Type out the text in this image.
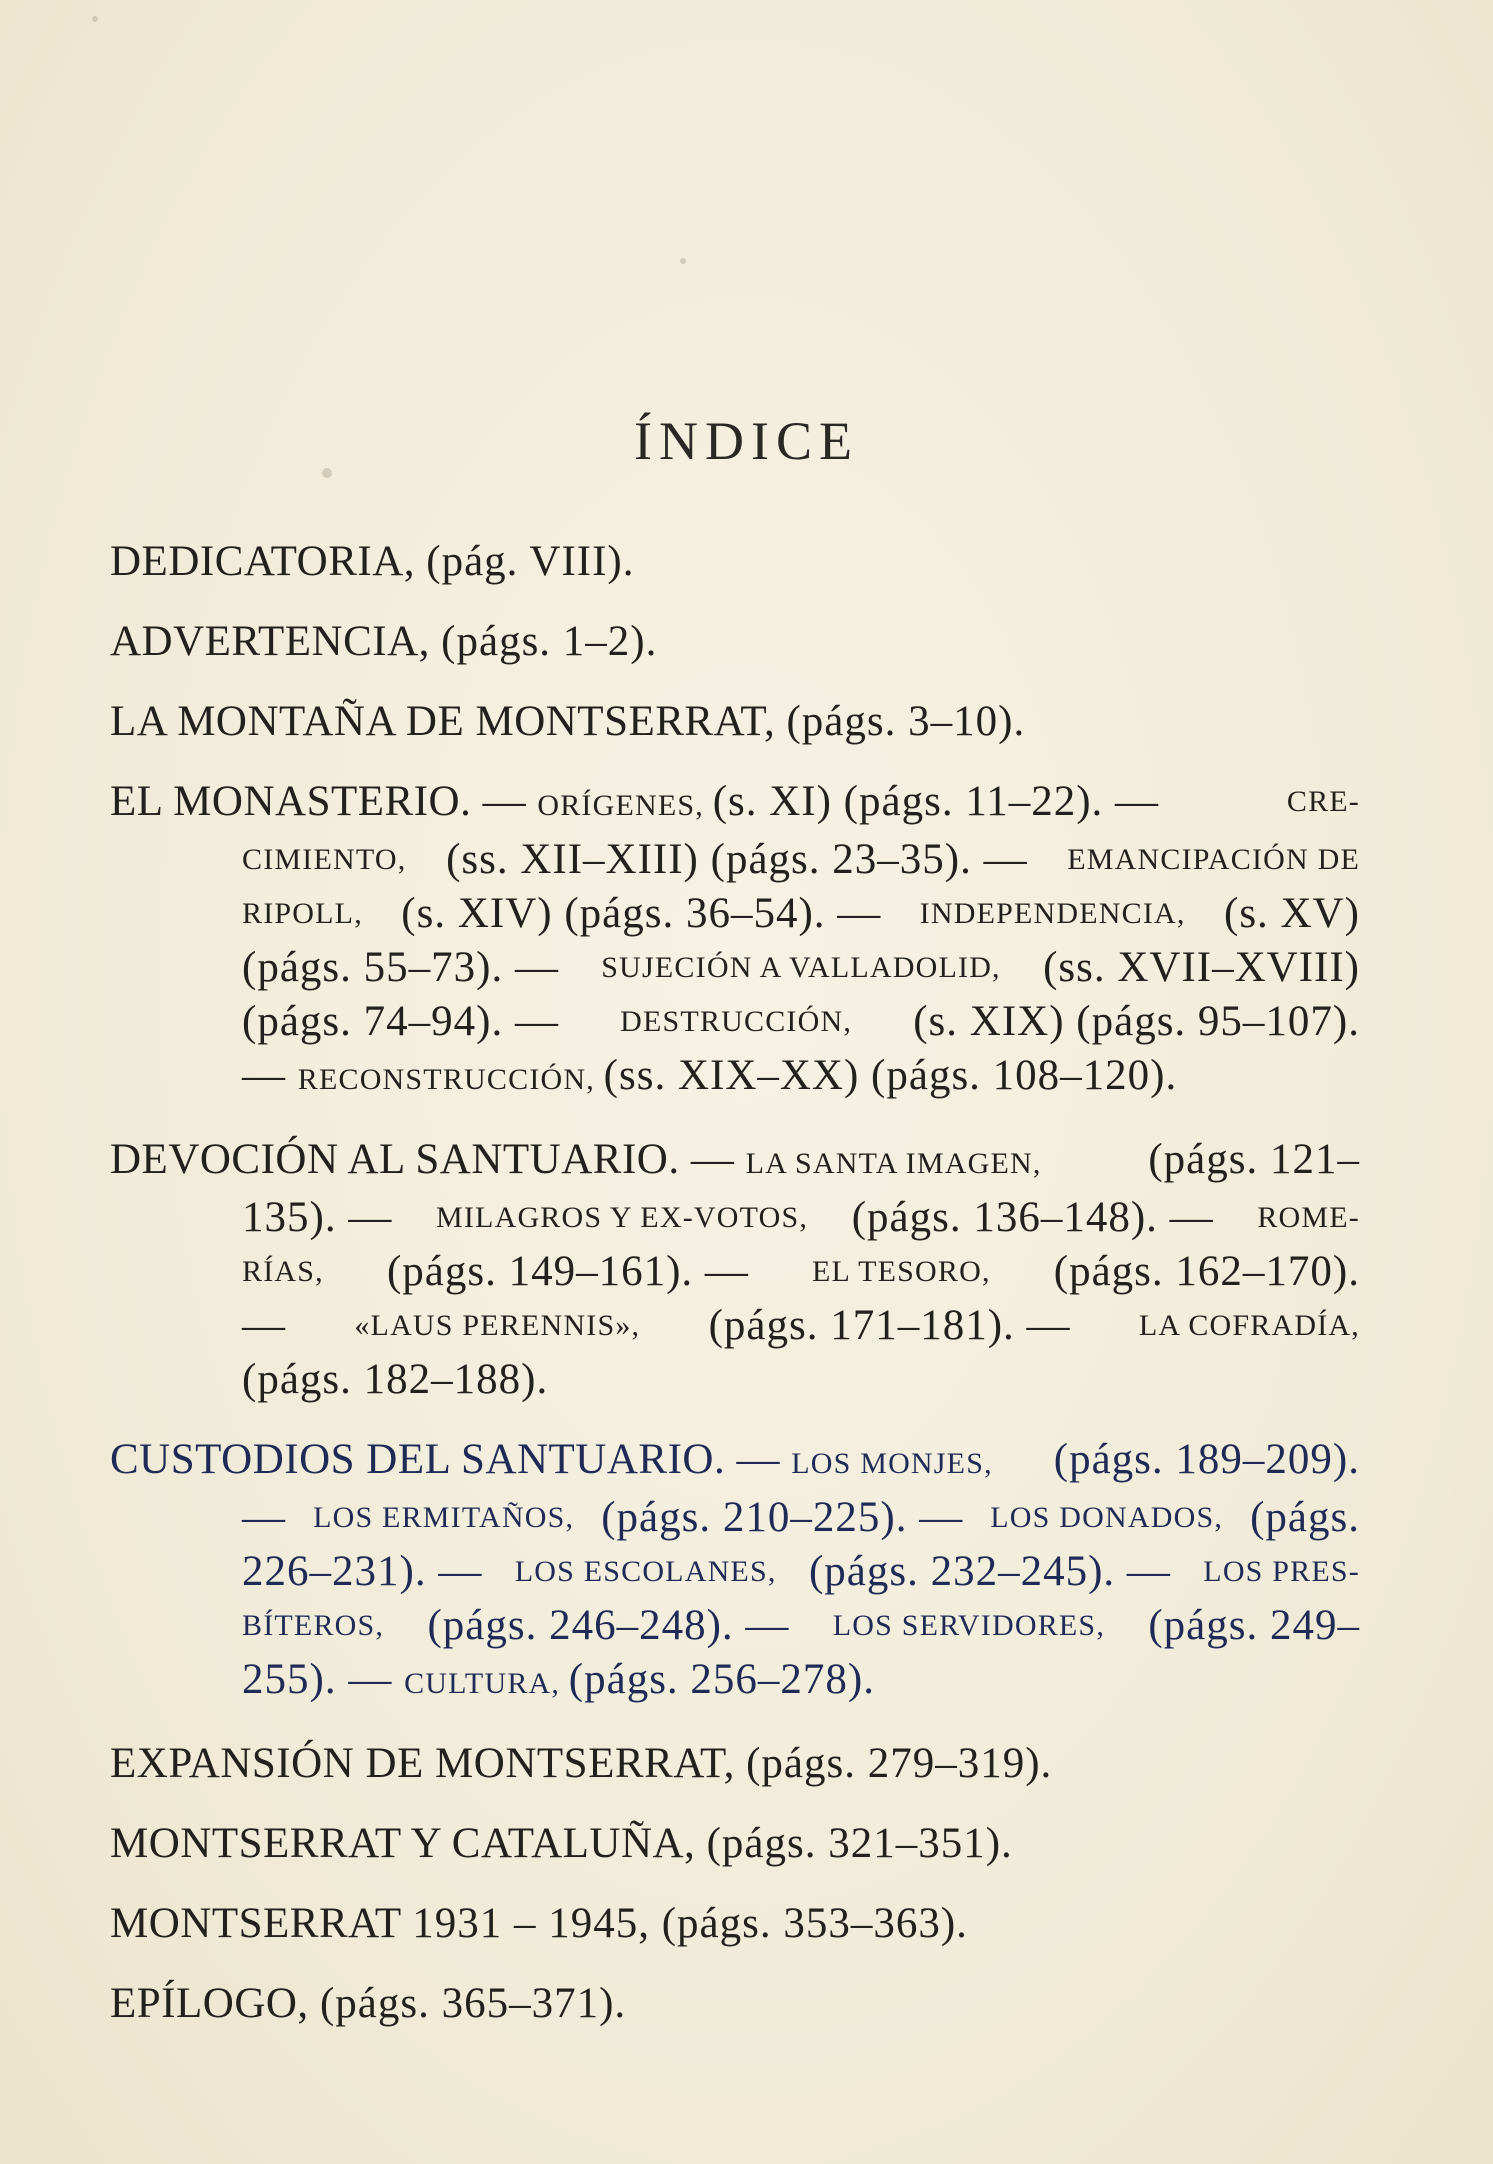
ÍNDICE
DEDICATORIA, (pág. VIII).
ADVERTENCIA, (págs. 1–2).
LA MONTAÑA DE MONTSERRAT, (págs. 3–10).
EL MONASTERIO. — ORÍGENES, (s. XI) (págs. 11–22). —	CRE-
CIMIENTO, (ss. XII–XIII) (págs. 23–35). — EMANCIPACIÓN DE
RIPOLL, (s. XIV) (págs. 36–54). — INDEPENDENCIA, (s. XV)
(págs. 55–73). — SUJECIÓN A VALLADOLID, (ss. XVII–XVIII)
(págs. 74–94). — DESTRUCCIÓN, (s. XIX) (págs. 95–107).
— RECONSTRUCCIÓN, (ss. XIX–XX) (págs. 108–120).
DEVOCIÓN AL SANTUARIO. — LA SANTA IMAGEN, (págs. 121–
135). — MILAGROS Y EX-VOTOS, (págs. 136–148). — ROME-
RÍAS, (págs. 149–161). — EL TESORO, (págs. 162–170).
— «LAUS PERENNIS», (págs. 171–181). — LA COFRADÍA,
(págs. 182–188).
CUSTODIOS DEL SANTUARIO. — LOS MONJES, (págs. 189–209).
— LOS ERMITAÑOS, (págs. 210–225). — LOS DONADOS, (págs.
226–231). — LOS ESCOLANES, (págs. 232–245). — LOS PRES-
BÍTEROS, (págs. 246–248). — LOS SERVIDORES, (págs. 249–
255). — CULTURA, (págs. 256–278).
EXPANSIÓN DE MONTSERRAT, (págs. 279–319).
MONTSERRAT Y CATALUÑA, (págs. 321–351).
MONTSERRAT 1931 – 1945, (págs. 353–363).
EPÍLOGO, (págs. 365–371).
